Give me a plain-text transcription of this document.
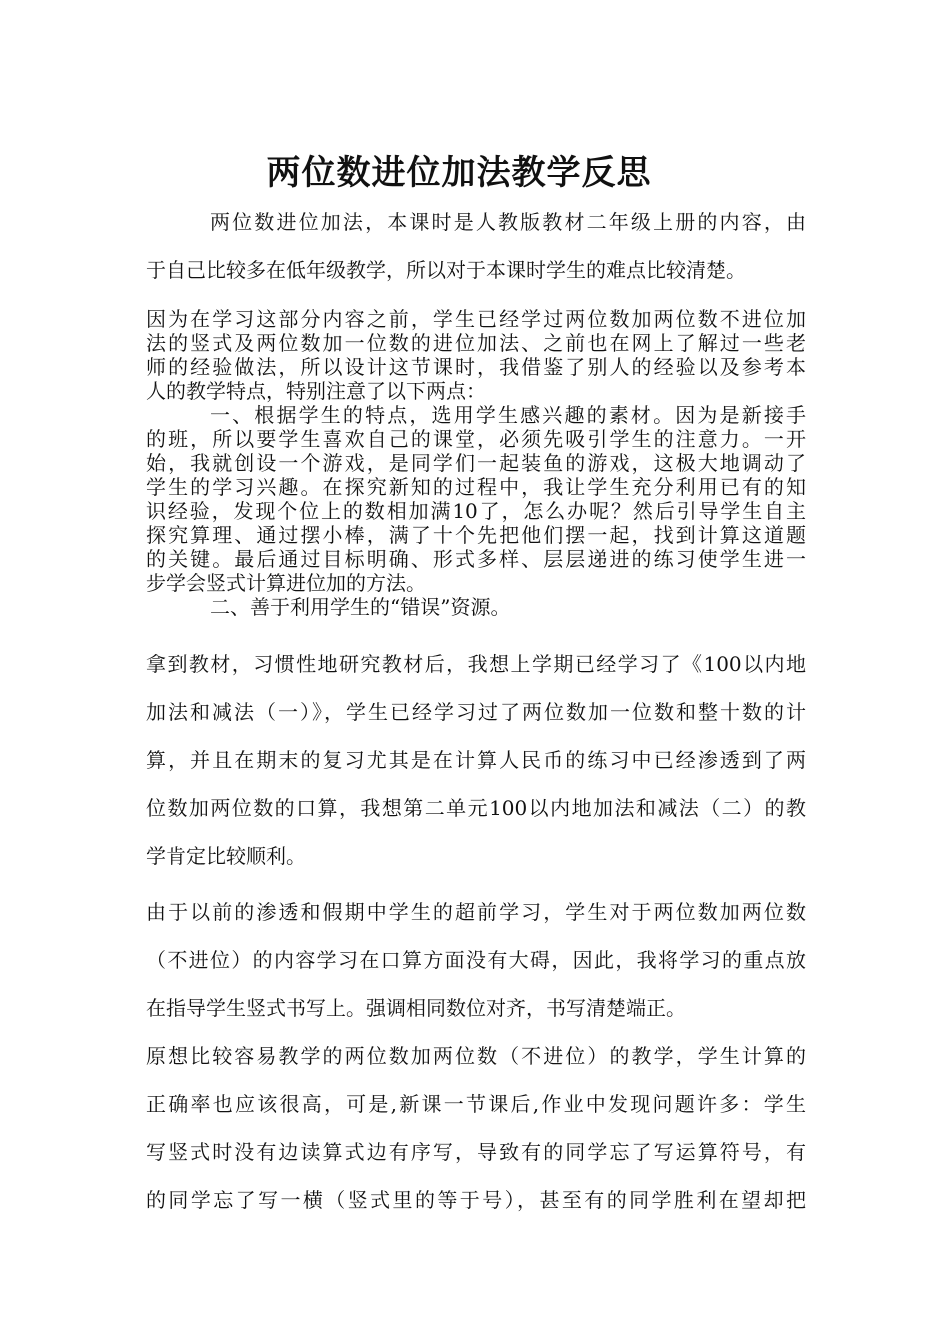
两位数进位加法教学反思
两位数进位加法，本课时是人教版教材二年级上册的内容，由
于自己比较多在低年级教学，所以对于本课时学生的难点比较清楚。
因为在学习这部分内容之前，学生已经学过两位数加两位数不进位加
法的竖式及两位数加一位数的进位加法、之前也在网上了解过一些老
师的经验做法，所以设计这节课时，我借鉴了别人的经验以及参考本
人的教学特点，特别注意了以下两点：
一、根据学生的特点，选用学生感兴趣的素材。因为是新接手
的班，所以要学生喜欢自己的课堂，必须先吸引学生的注意力。一开
始，我就创设一个游戏，是同学们一起装鱼的游戏，这极大地调动了
学生的学习兴趣。在探究新知的过程中，我让学生充分利用已有的知
识经验，发现个位上的数相加满10了，怎么办呢？然后引导学生自主
探究算理、通过摆小棒，满了十个先把他们摆一起，找到计算这道题
的关键。最后通过目标明确、形式多样、层层递进的练习使学生进一
步学会竖式计算进位加的方法。
二、善于利用学生的“错误”资源。
拿到教材，习惯性地研究教材后，我想上学期已经学习了《100以内地
加法和减法（一）》，学生已经学习过了两位数加一位数和整十数的计
算，并且在期末的复习尤其是在计算人民币的练习中已经渗透到了两
位数加两位数的口算，我想第二单元100以内地加法和减法（二）的教
学肯定比较顺利。
由于以前的渗透和假期中学生的超前学习，学生对于两位数加两位数
（不进位）的内容学习在口算方面没有大碍，因此，我将学习的重点放
在指导学生竖式书写上。强调相同数位对齐，书写清楚端正。
原想比较容易教学的两位数加两位数（不进位）的教学，学生计算的
正确率也应该很高，可是,新课一节课后,作业中发现问题许多：学生
写竖式时没有边读算式边有序写，导致有的同学忘了写运算符号，有
的同学忘了写一横（竖式里的等于号），甚至有的同学胜利在望却把
